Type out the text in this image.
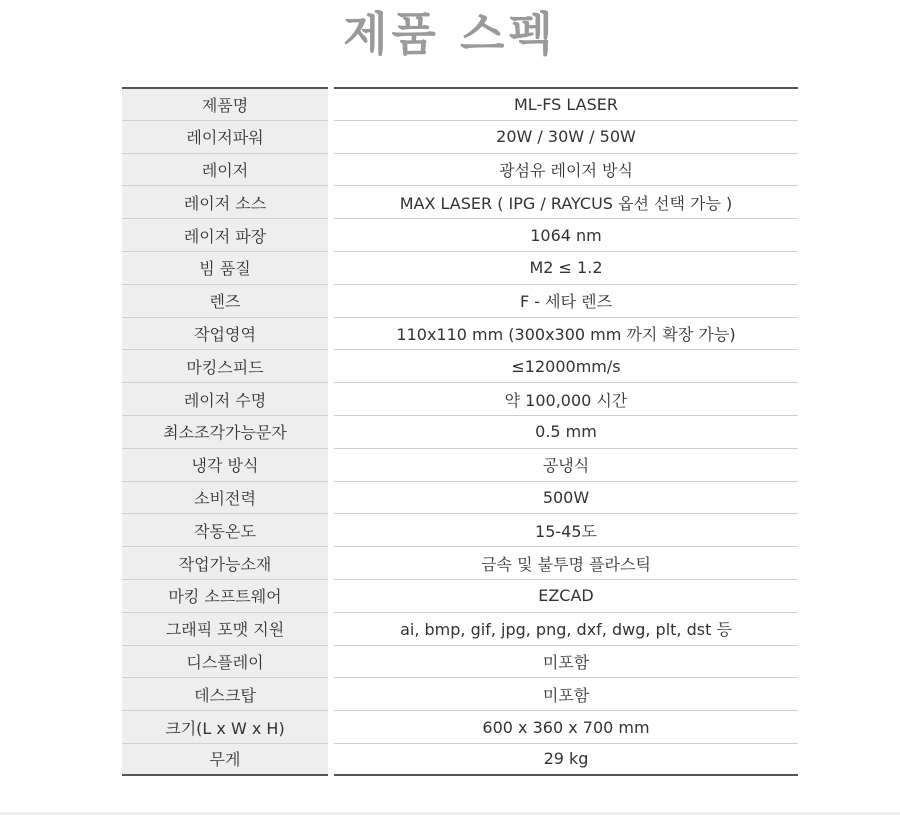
제품 스펙
제품명	ML-FS LASER
레이저파워	20W / 30W / 50W
레이저	광섬유 레이저 방식
레이저 소스	MAX LASER ( IPG / RAYCUS 옵션 선택 가능 )
레이저 파장	1064 nm
빔 품질	M2 ≤ 1.2
렌즈	F - 세타 렌즈
작업영역	110x110 mm (300x300 mm 까지 확장 가능)
마킹스피드	≤12000mm/s
레이저 수명	약 100,000 시간
최소조각가능문자	0.5 mm
냉각 방식	공냉식
소비전력	500W
작동온도	15-45도
작업가능소재	금속 및 불투명 플라스틱
마킹 소프트웨어	EZCAD
그래픽 포맷 지원	ai, bmp, gif, jpg, png, dxf, dwg, plt, dst 등
디스플레이	미포함
데스크탑	미포함
크기(L x W x H)	600 x 360 x 700 mm
무게	29 kg
